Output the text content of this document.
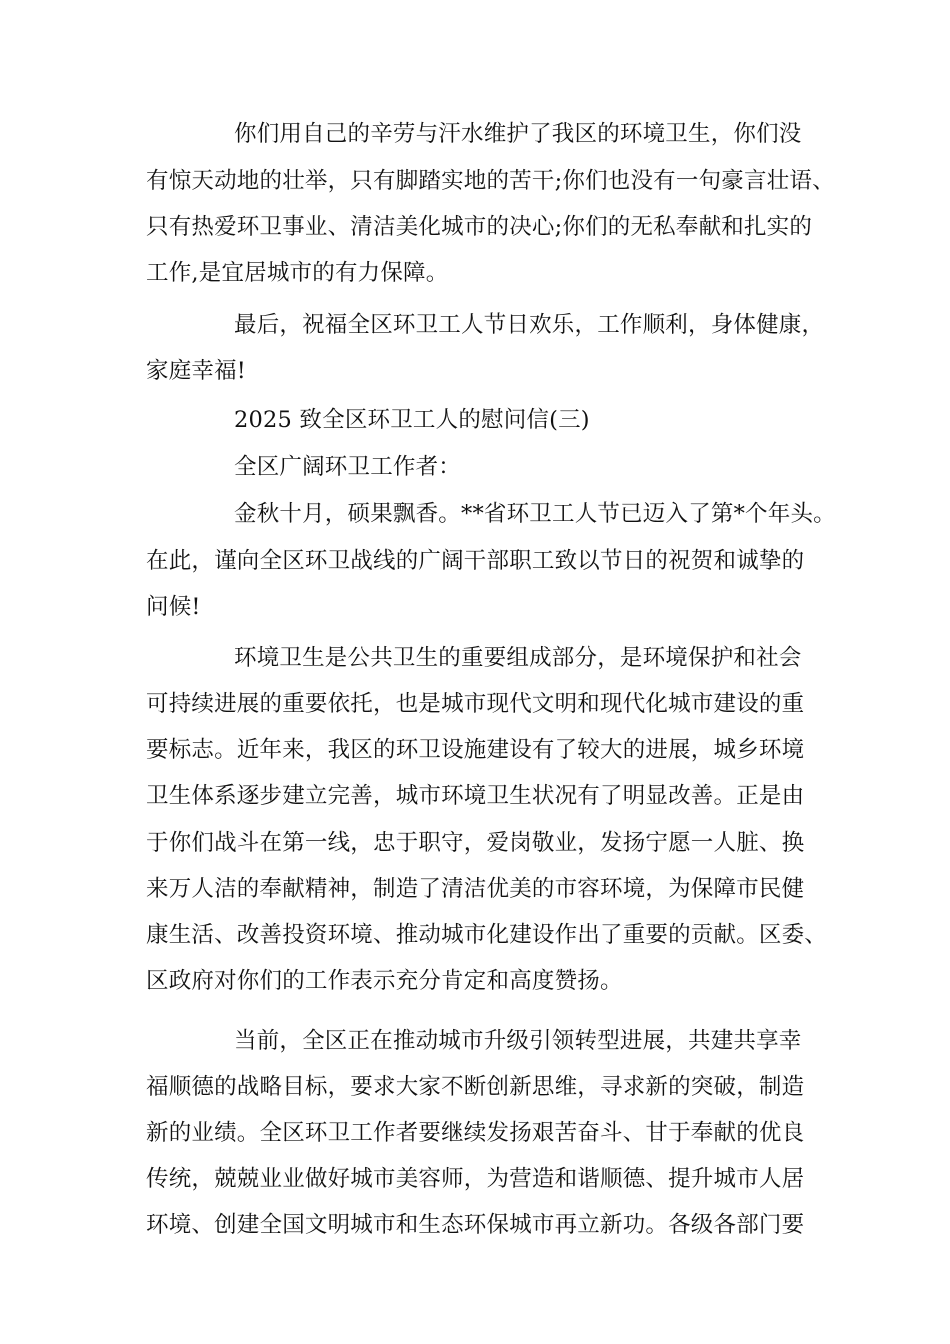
你们用自己的辛劳与汗水维护了我区的环境卫生，你们没
有惊天动地的壮举，只有脚踏实地的苦干;你们也没有一句豪言壮语、
只有热爱环卫事业、清洁美化城市的决心;你们的无私奉献和扎实的
工作,是宜居城市的有力保障。
最后，祝福全区环卫工人节日欢乐，工作顺利，身体健康，
家庭幸福!
2025 致全区环卫工人的慰问信(三)
全区广阔环卫工作者：
金秋十月，硕果飘香。**省环卫工人节已迈入了第*个年头。
在此，谨向全区环卫战线的广阔干部职工致以节日的祝贺和诚挚的
问候!
环境卫生是公共卫生的重要组成部分，是环境保护和社会
可持续进展的重要依托，也是城市现代文明和现代化城市建设的重
要标志。近年来，我区的环卫设施建设有了较大的进展，城乡环境
卫生体系逐步建立完善，城市环境卫生状况有了明显改善。正是由
于你们战斗在第一线，忠于职守，爱岗敬业，发扬宁愿一人脏、换
来万人洁的奉献精神，制造了清洁优美的市容环境，为保障市民健
康生活、改善投资环境、推动城市化建设作出了重要的贡献。区委、
区政府对你们的工作表示充分肯定和高度赞扬。
当前，全区正在推动城市升级引领转型进展，共建共享幸
福顺德的战略目标，要求大家不断创新思维，寻求新的突破，制造
新的业绩。全区环卫工作者要继续发扬艰苦奋斗、甘于奉献的优良
传统，兢兢业业做好城市美容师，为营造和谐顺德、提升城市人居
环境、创建全国文明城市和生态环保城市再立新功。各级各部门要
